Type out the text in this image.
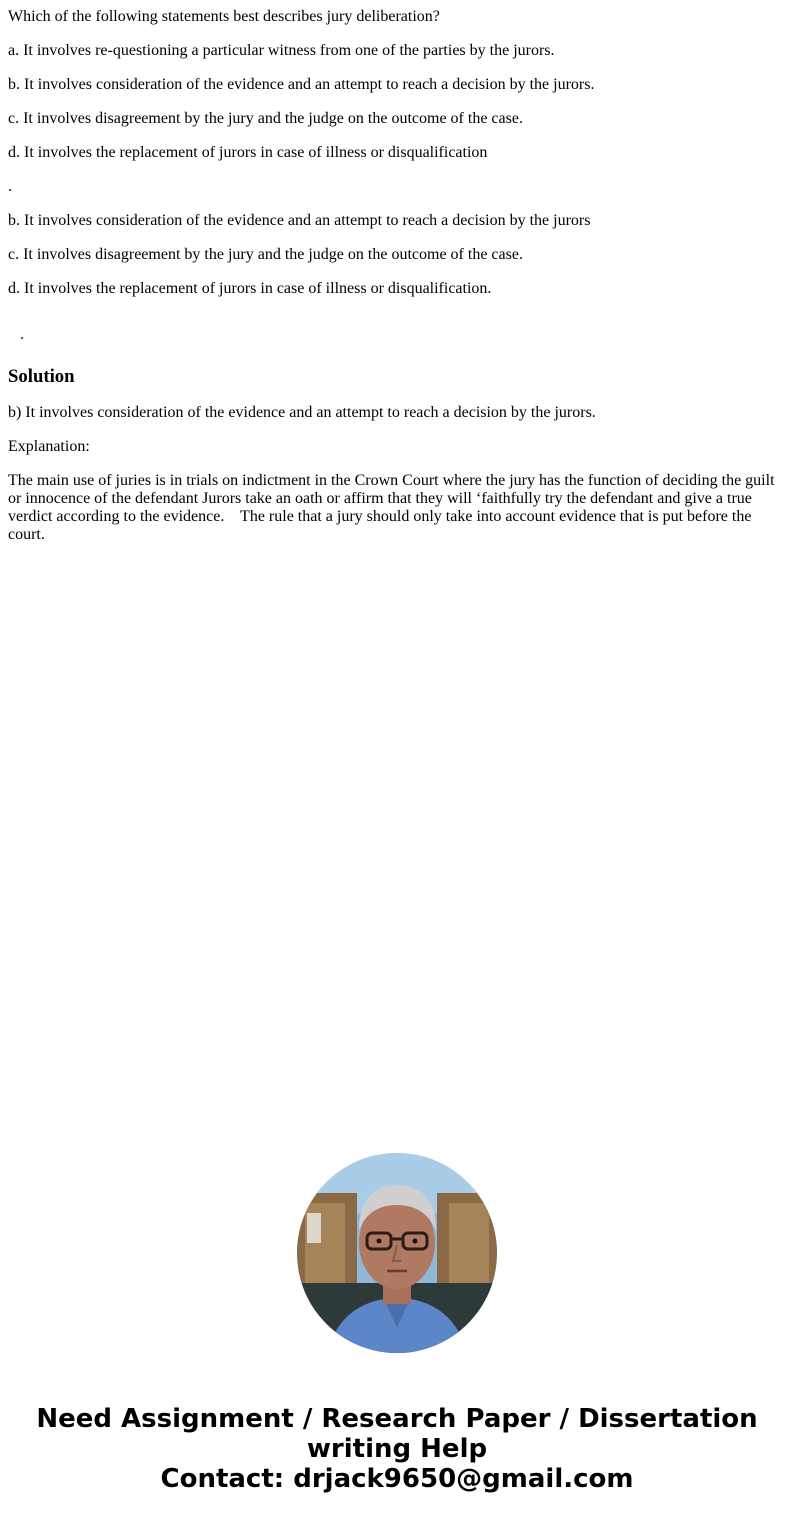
Which of the following statements best describes jury deliberation?

a. It involves re-questioning a particular witness from one of the parties by the jurors.

b. It involves consideration of the evidence and an attempt to reach a decision by the jurors.

c. It involves disagreement by the jury and the judge on the outcome of the case.

d. It involves the replacement of jurors in case of illness or disqualification

.

b. It involves consideration of the evidence and an attempt to reach a decision by the jurors

c. It involves disagreement by the jury and the judge on the outcome of the case.

d. It involves the replacement of jurors in case of illness or disqualification.

.

Solution

b) It involves consideration of the evidence and an attempt to reach a decision by the jurors.

Explanation:

The main use of juries is in trials on indictment in the Crown Court where the jury has the function of deciding the guilt or innocence of the defendant Jurors take an oath or affirm that they will ‘faithfully try the defendant and give a true verdict according to the evidence.    The rule that a jury should only take into account evidence that is put before the court.

Need Assignment / Research Paper / Dissertation
writing Help
Contact: drjack9650@gmail.com
